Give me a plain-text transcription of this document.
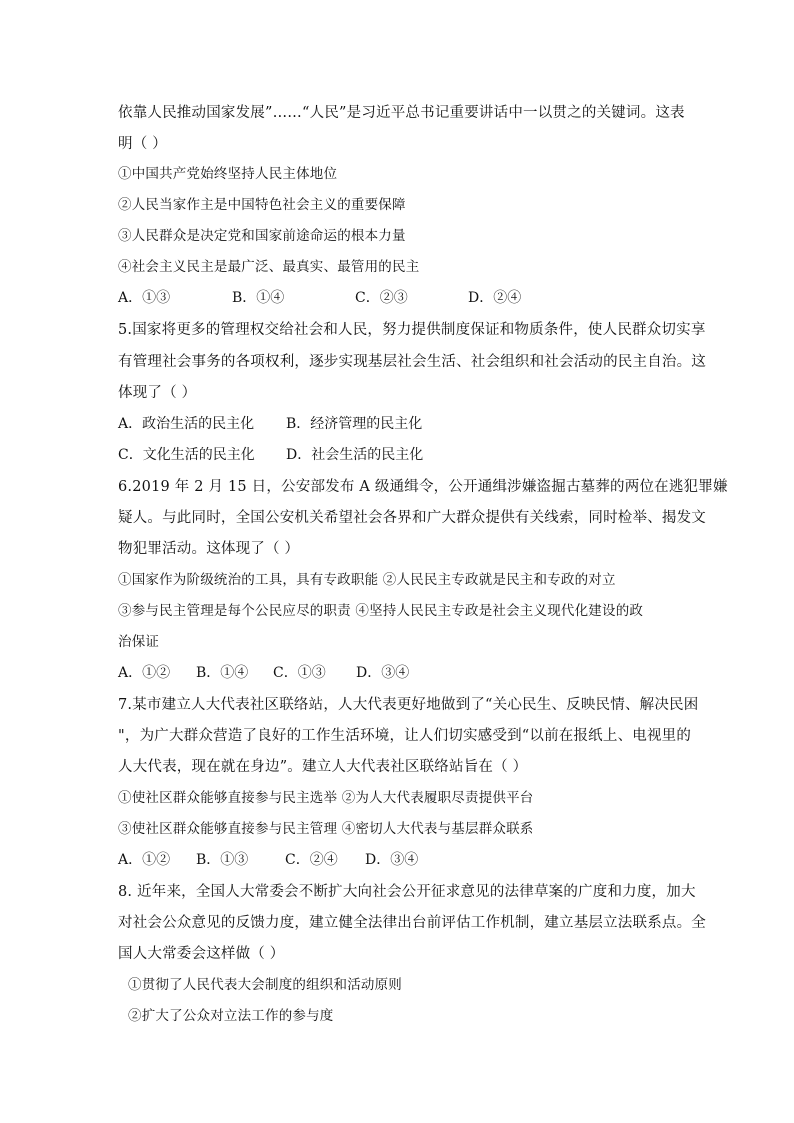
依靠人民推动国家发展”……“人民”是习近平总书记重要讲话中一以贯之的关键词。这表
明（ ）
①中国共产党始终坚持人民主体地位
②人民当家作主是中国特色社会主义的重要保障
③人民群众是决定党和国家前途命运的根本力量
④社会主义民主是最广泛、最真实、最管用的民主
A．①③	B．①④	C．②③	D．②④
5.国家将更多的管理权交给社会和人民，努力提供制度保证和物质条件，使人民群众切实享
有管理社会事务的各项权利，逐步实现基层社会生活、社会组织和社会活动的民主自治。这
体现了（ ）
A．政治生活的民主化 B．经济管理的民主化
C．文化生活的民主化 D．社会生活的民主化
6.2019 年 2 月 15 日，公安部发布 A 级通缉令，公开通缉涉嫌盗掘古墓葬的两位在逃犯罪嫌
疑人。与此同时，全国公安机关希望社会各界和广大群众提供有关线索，同时检举、揭发文
物犯罪活动。这体现了（ ）
①国家作为阶级统治的工具，具有专政职能 ②人民民主专政就是民主和专政的对立
③参与民主管理是每个公民应尽的职责 ④坚持人民民主专政是社会主义现代化建设的政
治保证
A．①② B．①④ C．①③ D．③④
7.某市建立人大代表社区联络站，人大代表更好地做到了“关心民生、反映民情、解决民困
"，为广大群众营造了良好的工作生活环境，让人们切实感受到“以前在报纸上、电视里的
人大代表，现在就在身边”。建立人大代表社区联络站旨在（ ）
①使社区群众能够直接参与民主选举 ②为人大代表履职尽责提供平台
③使社区群众能够直接参与民主管理 ④密切人大代表与基层群众联系
A．①② B．①③	C．②④ D．③④
8. 近年来，全国人大常委会不断扩大向社会公开征求意见的法律草案的广度和力度，加大
对社会公众意见的反馈力度，建立健全法律出台前评估工作机制，建立基层立法联系点。全
国人大常委会这样做（ ）
①贯彻了人民代表大会制度的组织和活动原则
②扩大了公众对立法工作的参与度
